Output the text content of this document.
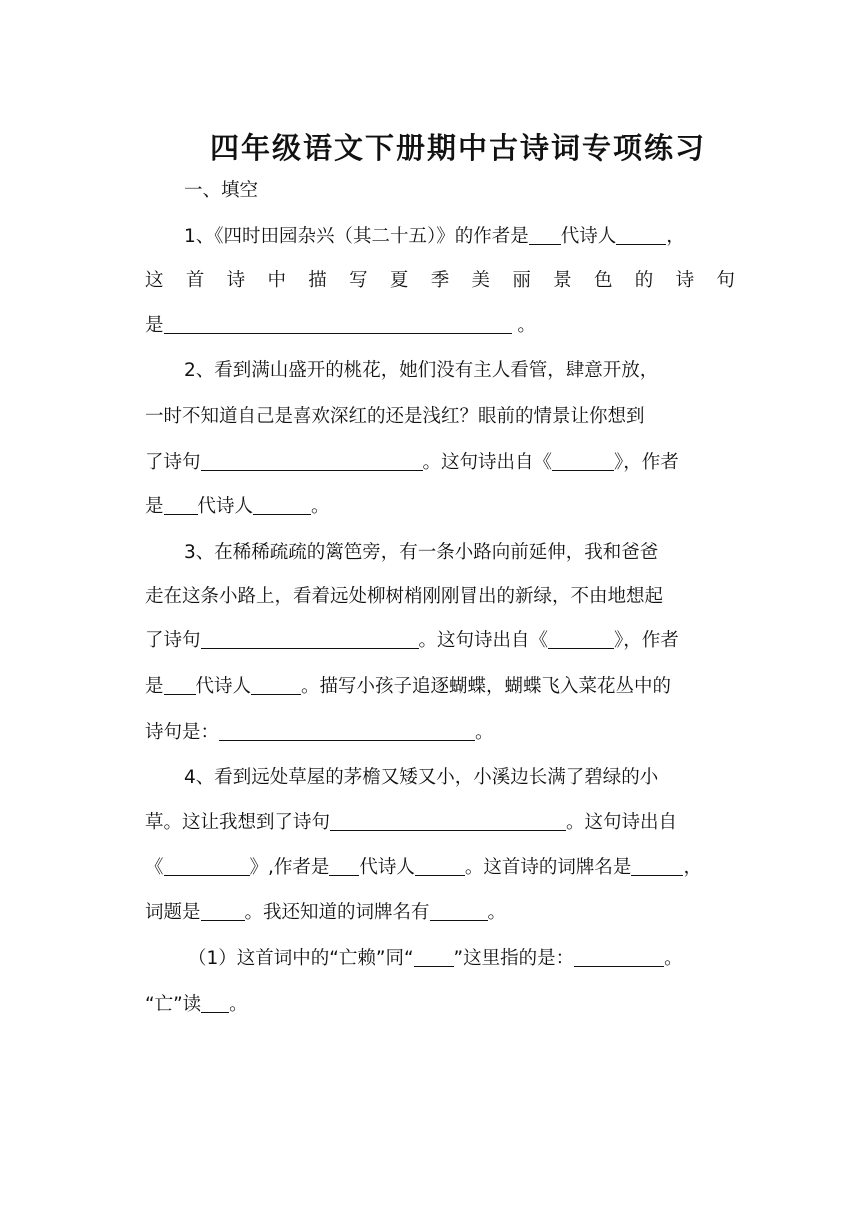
四年级语文下册期中古诗词专项练习
一、填空
1、《四时田园杂兴（其二十五）》的作者是 代诗人	，
这 首 诗 中 描 写 夏 季 美 丽 景 色 的 诗 句
是	。
2、看到满山盛开的桃花，她们没有主人看管，肆意开放，
一时不知道自己是喜欢深红的还是浅红？眼前的情景让你想到
了诗句	。这句诗出自《	》，作者
是 代诗人	。
3、在稀稀疏疏的篱笆旁，有一条小路向前延伸，我和爸爸
走在这条小路上，看着远处柳树梢刚刚冒出的新绿，不由地想起
了诗句	。这句诗出自《	》，作者
是 代诗人	。描写小孩子追逐蝴蝶，蝴蝶飞入菜花丛中的
诗句是：	。
4、看到远处草屋的茅檐又矮又小，小溪边长满了碧绿的小
草。这让我想到了诗句	。这句诗出自
《	》,作者是 代诗人	。这首诗的词牌名是	，
词题是 。我还知道的词牌名有	。
（1）这首词中的“亡赖”同“ ”这里指的是：	。
“亡”读 。
